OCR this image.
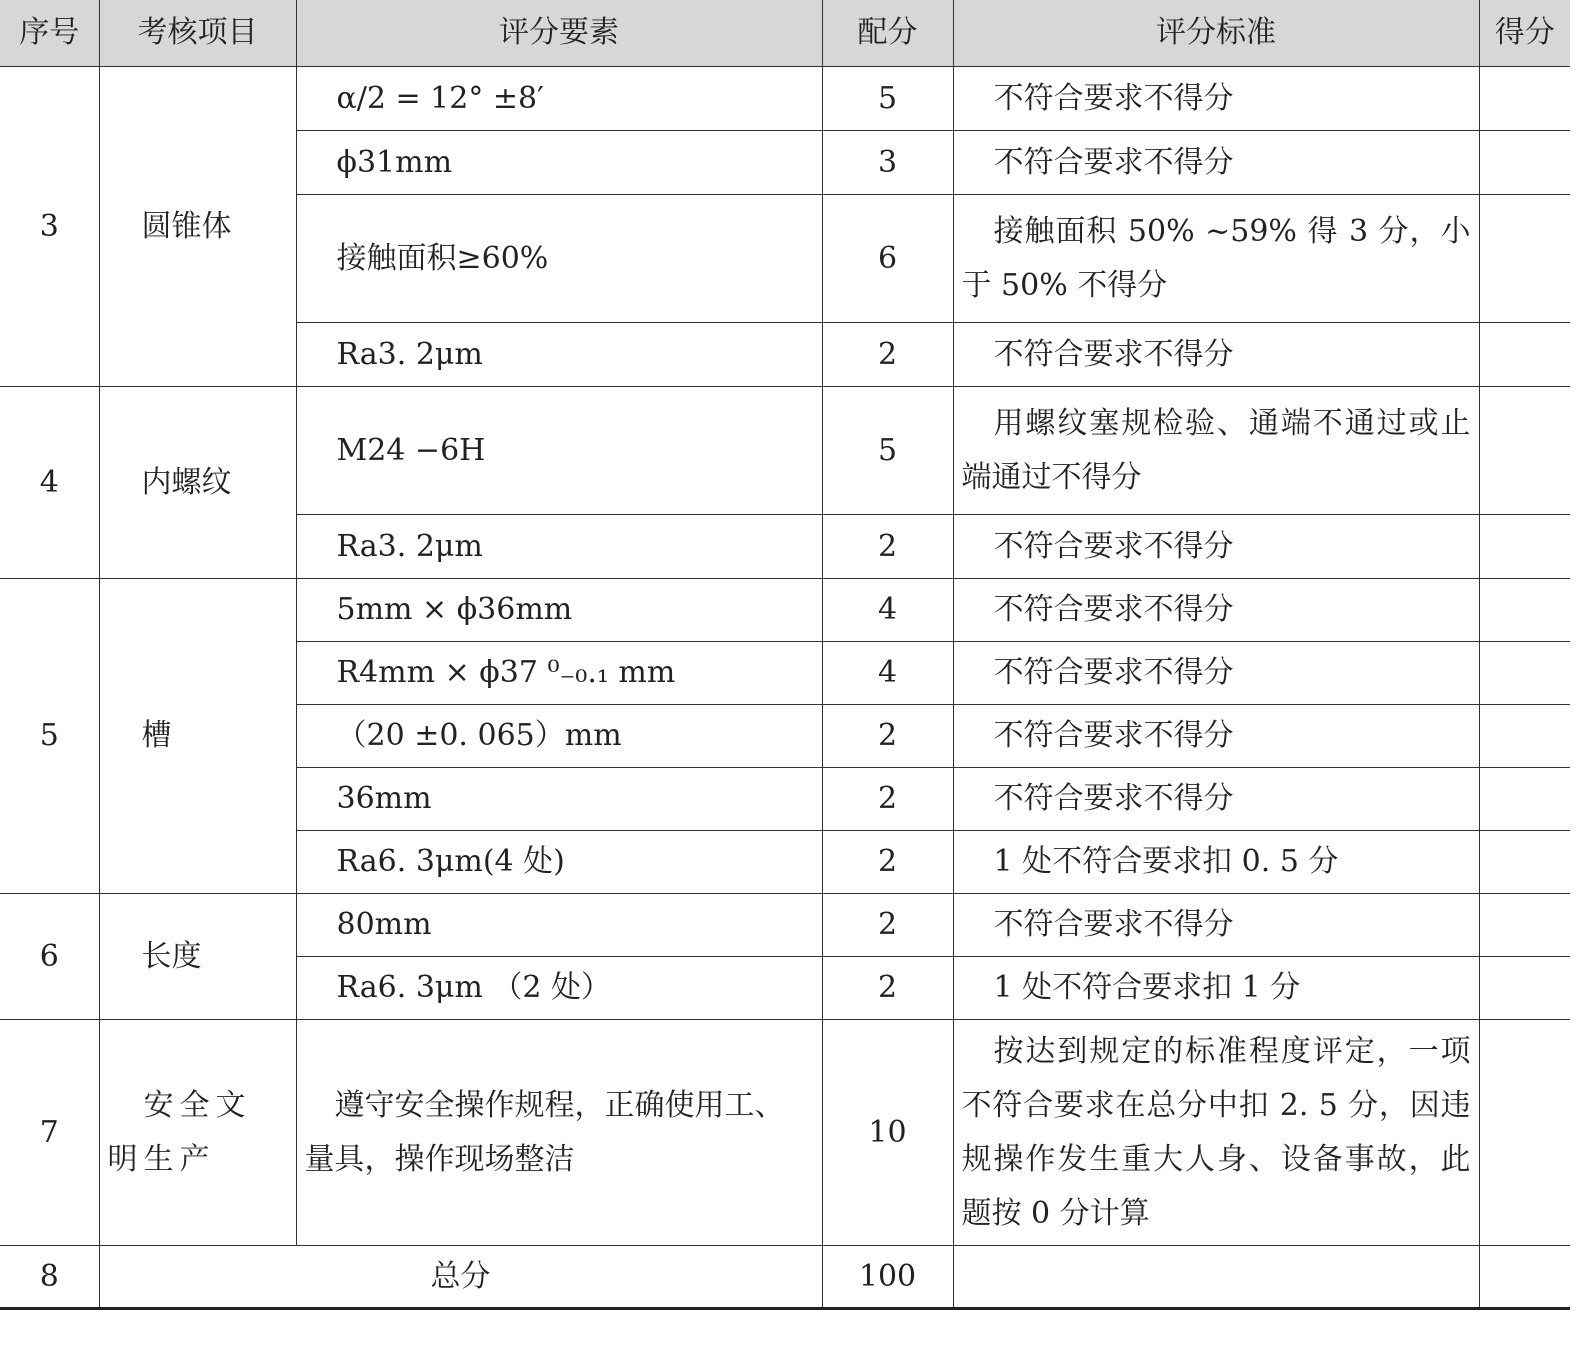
序号	考核项目	评分要素	配分	评分标准	得分
3	圆锥体	α/2 = 12° ±8′	5	不符合要求不得分	
		ϕ31mm	3	不符合要求不得分	
		接触面积≥60%	6	接触面积 50% ~59% 得 3 分，小于 50% 不得分	
		Ra3. 2μm	2	不符合要求不得分	
4	内螺纹	M24 −6H	5	用螺纹塞规检验、通端不通过或止端通过不得分	
		Ra3. 2μm	2	不符合要求不得分	
5	槽	5mm × ϕ36mm	4	不符合要求不得分	
		R4mm × ϕ37 ⁰₋₀.₁ mm	4	不符合要求不得分	
		（20 ±0. 065）mm	2	不符合要求不得分	
		36mm	2	不符合要求不得分	
		Ra6. 3μm(4 处)	2	1 处不符合要求扣 0. 5 分	
6	长度	80mm	2	不符合要求不得分	
		Ra6. 3μm （2 处）	2	1 处不符合要求扣 1 分	
7	安全文明生产	遵守安全操作规程，正确使用工、量具，操作现场整洁	10	按达到规定的标准程度评定，一项不符合要求在总分中扣 2. 5 分，因违规操作发生重大人身、设备事故，此题按 0 分计算	
8	总分		100		
